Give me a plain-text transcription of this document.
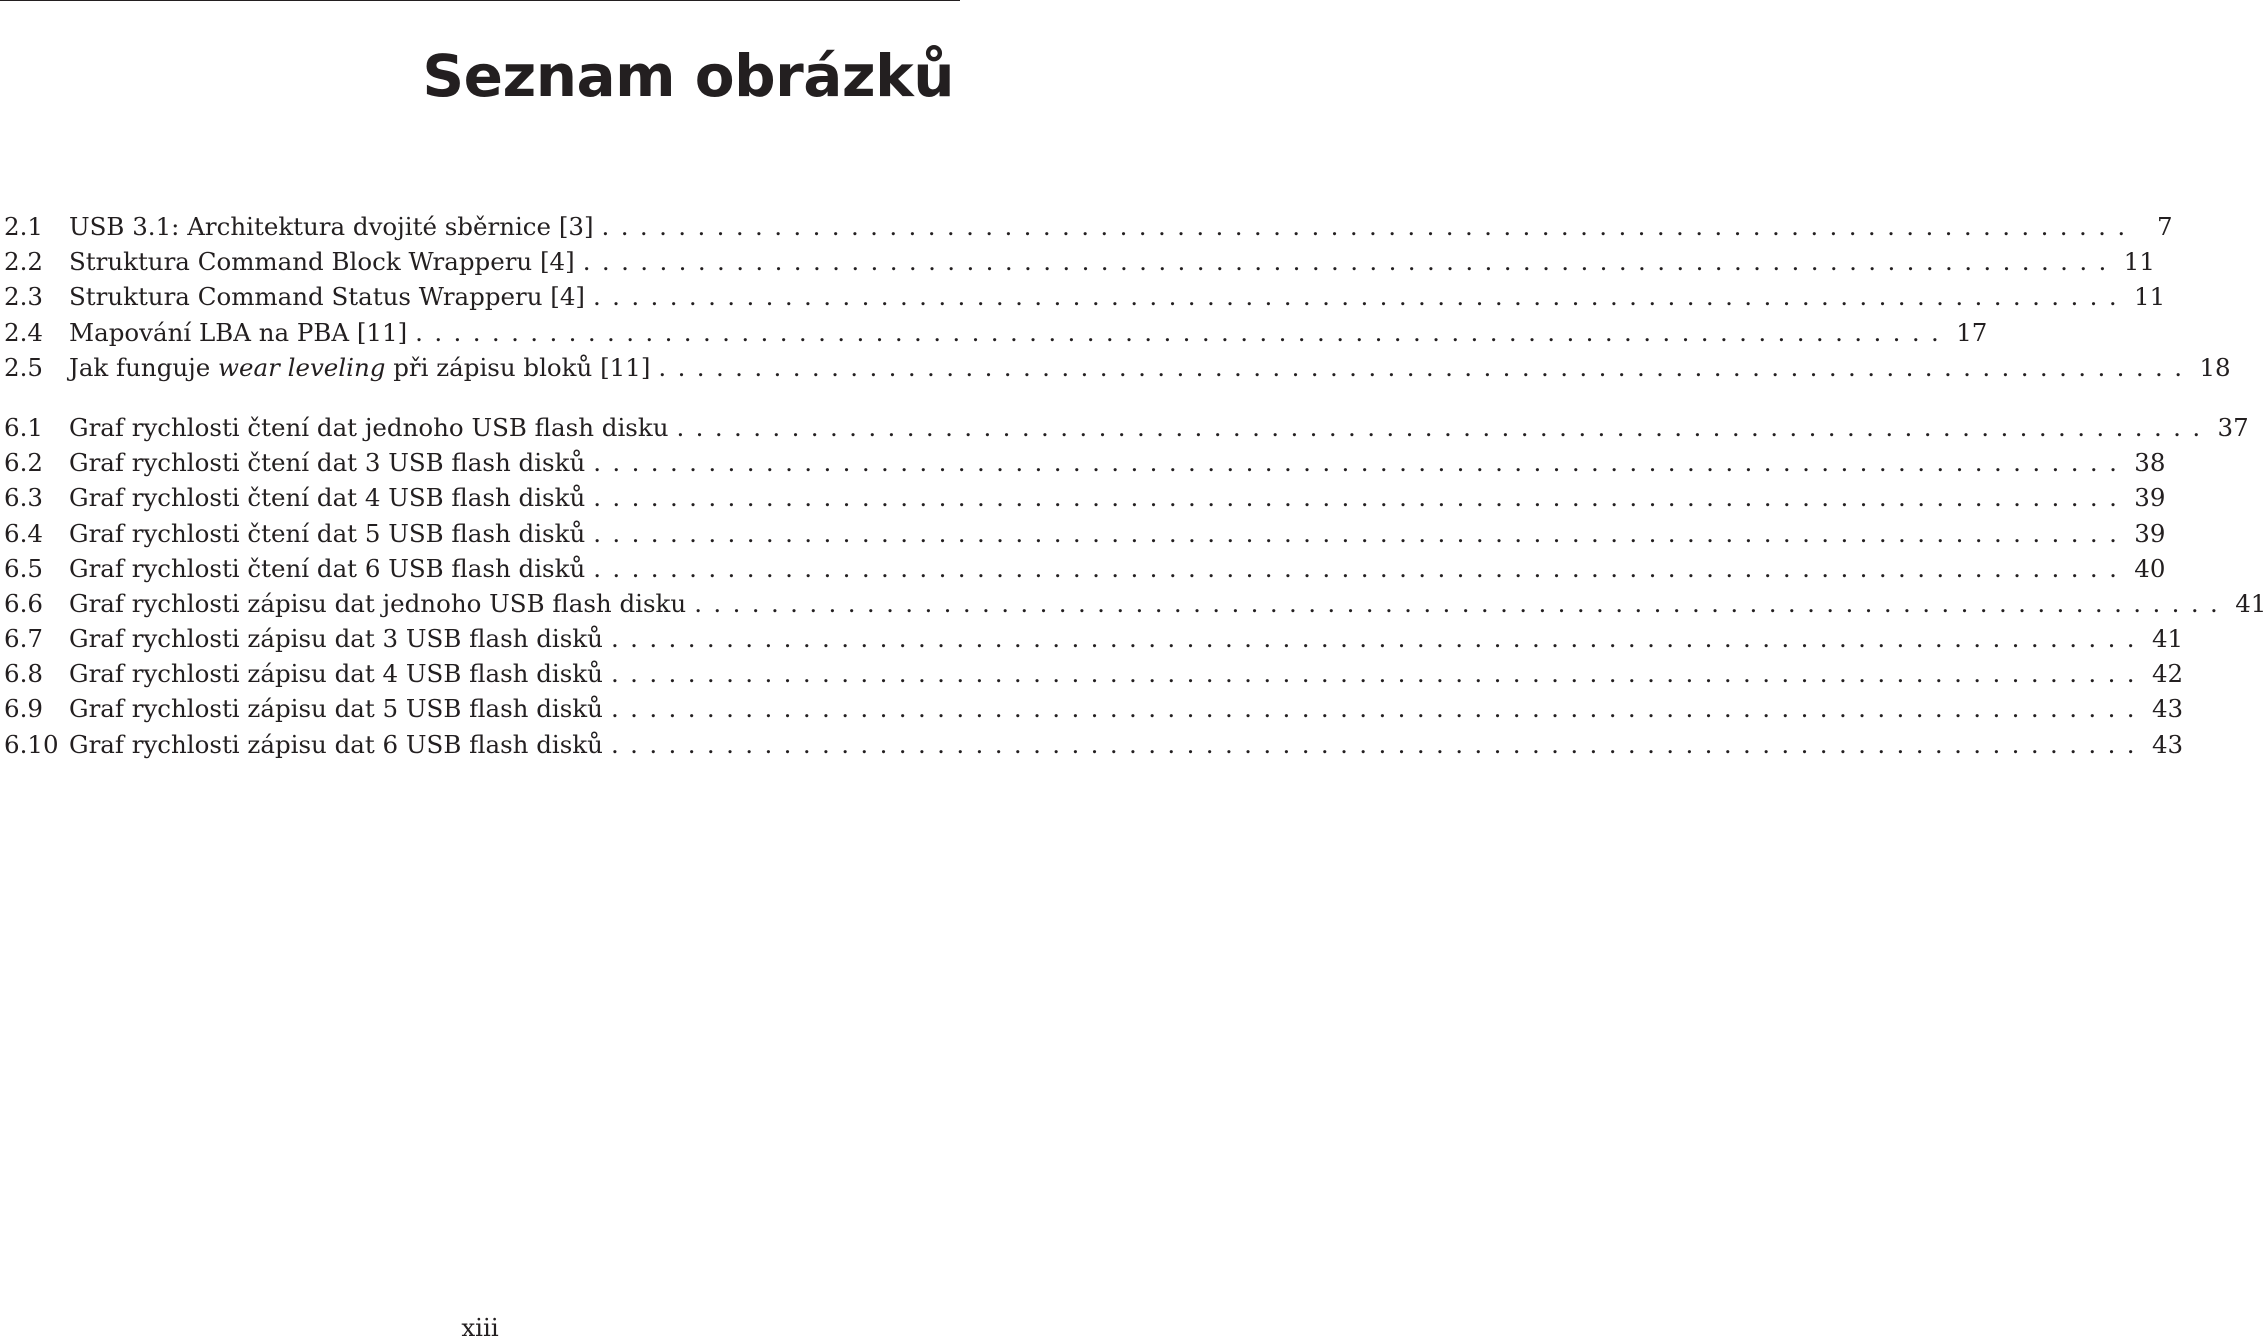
Seznam obrázků
2.1	USB 3.1: Architektura dvojité sběrnice [3] ................................................................................ 7
2.2	Struktura Command Block Wrapperu [4] ................................................................................ 11
2.3	Struktura Command Status Wrapperu [4] ................................................................................ 11
2.4	Mapování LBA na PBA [11] ................................................................................ 17
2.5	Jak funguje wear leveling při zápisu bloků [11] ................................................................................ 18
6.1	Graf rychlosti čtení dat jednoho USB flash disku ................................................................................ 37
6.2	Graf rychlosti čtení dat 3 USB flash disků ................................................................................ 38
6.3	Graf rychlosti čtení dat 4 USB flash disků ................................................................................ 39
6.4	Graf rychlosti čtení dat 5 USB flash disků ................................................................................ 39
6.5	Graf rychlosti čtení dat 6 USB flash disků ................................................................................ 40
6.6	Graf rychlosti zápisu dat jednoho USB flash disku ................................................................................ 41
6.7	Graf rychlosti zápisu dat 3 USB flash disků ................................................................................ 41
6.8	Graf rychlosti zápisu dat 4 USB flash disků ................................................................................ 42
6.9	Graf rychlosti zápisu dat 5 USB flash disků ................................................................................ 43
6.10 Graf rychlosti zápisu dat 6 USB flash disků ................................................................................ 43
xiii
